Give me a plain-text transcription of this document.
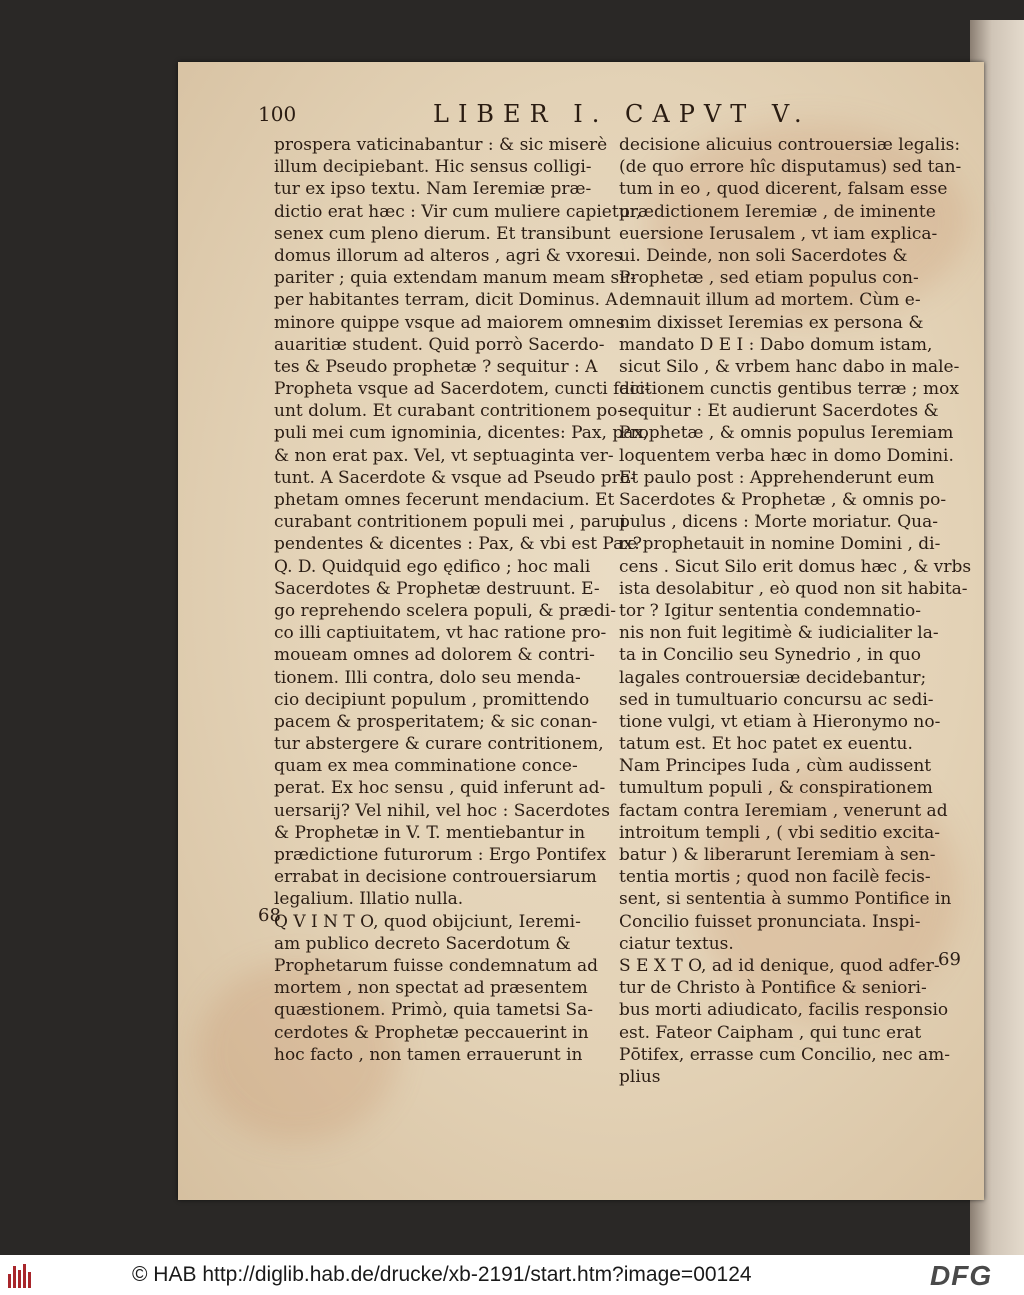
100	LIBER I. CAPVT V.
prospera vaticinabantur : & sic miserè
illum decipiebant. Hic sensus colligi-
tur ex ipso textu. Nam Ieremiæ præ-
dictio erat hæc : Vir cum muliere capietur,
senex cum pleno dierum. Et transibunt
domus illorum ad alteros , agri & vxores
pariter ; quia extendam manum meam su-
per habitantes terram, dicit Dominus. A
minore quippe vsque ad maiorem omnes
auaritiæ student. Quid porrò Sacerdo-
tes & Pseudo prophetæ ? sequitur : A
Propheta vsque ad Sacerdotem, cuncti faci-
unt dolum. Et curabant contritionem po-
puli mei cum ignominia, dicentes: Pax, pax,
& non erat pax. Vel, vt septuaginta ver-
tunt. A Sacerdote & vsque ad Pseudo pro-
phetam omnes fecerunt mendacium. Et
curabant contritionem populi mei , parui
pendentes & dicentes : Pax, & vbi est Pax?
Q. D. Quidquid ego ędifico ; hoc mali
Sacerdotes & Prophetæ destruunt. E-
go reprehendo scelera populi, & prædi-
co illi captiuitatem, vt hac ratione pro-
moueam omnes ad dolorem & contri-
tionem. Illi contra, dolo seu menda-
cio decipiunt populum , promittendo
pacem & prosperitatem; & sic conan-
tur abstergere & curare contritionem,
quam ex mea comminatione conce-
perat. Ex hoc sensu , quid inferunt ad-
uersarij? Vel nihil, vel hoc : Sacerdotes
& Prophetæ in V. T. mentiebantur in
prædictione futurorum : Ergo Pontifex
errabat in decisione controuersiarum
legalium. Illatio nulla.
Q V I N T O, quod obijciunt, Ieremi-
am publico decreto Sacerdotum &
Prophetarum fuisse condemnatum ad
mortem , non spectat ad præsentem
quæstionem. Primò, quia tametsi Sa-
cerdotes & Prophetæ peccauerint in
hoc facto , non tamen errauerunt in
decisione alicuius controuersiæ legalis:
(de quo errore hîc disputamus) sed tan-
tum in eo , quod dicerent, falsam esse
prædictionem Ieremiæ , de iminente
euersione Ierusalem , vt iam explica-
ui. Deinde, non soli Sacerdotes &
Prophetæ , sed etiam populus con-
demnauit illum ad mortem. Cùm e-
nim dixisset Ieremias ex persona &
mandato D E I : Dabo domum istam,
sicut Silo , & vrbem hanc dabo in male-
dictionem cunctis gentibus terræ ; mox
sequitur : Et audierunt Sacerdotes &
Prophetæ , & omnis populus Ieremiam
loquentem verba hæc in domo Domini.
Et paulo post : Apprehenderunt eum
Sacerdotes & Prophetæ , & omnis po-
pulus , dicens : Morte moriatur. Qua-
re prophetauit in nomine Domini , di-
cens . Sicut Silo erit domus hæc , & vrbs
ista desolabitur , eò quod non sit habita-
tor ? Igitur sententia condemnatio-
nis non fuit legitimè & iudicialiter la-
ta in Concilio seu Synedrio , in quo
lagales controuersiæ decidebantur;
sed in tumultuario concursu ac sedi-
tione vulgi, vt etiam à Hieronymo no-
tatum est. Et hoc patet ex euentu.
Nam Principes Iuda , cùm audissent
tumultum populi , & conspirationem
factam contra Ieremiam , venerunt ad
introitum templi , ( vbi seditio excita-
batur ) & liberarunt Ieremiam à sen-
tentia mortis ; quod non facilè fecis-
sent, si sententia à summo Pontifice in
Concilio fuisset pronunciata. Inspi-
ciatur textus.
S E X T O, ad id denique, quod adfer-
tur de Christo à Pontifice & seniori-
bus morti adiudicato, facilis responsio
est. Fateor Caipham , qui tunc erat
Pōtifex, errasse cum Concilio, nec am-
plius
68
69
© HAB http://diglib.hab.de/drucke/xb-2191/start.htm?image=00124	DFG
